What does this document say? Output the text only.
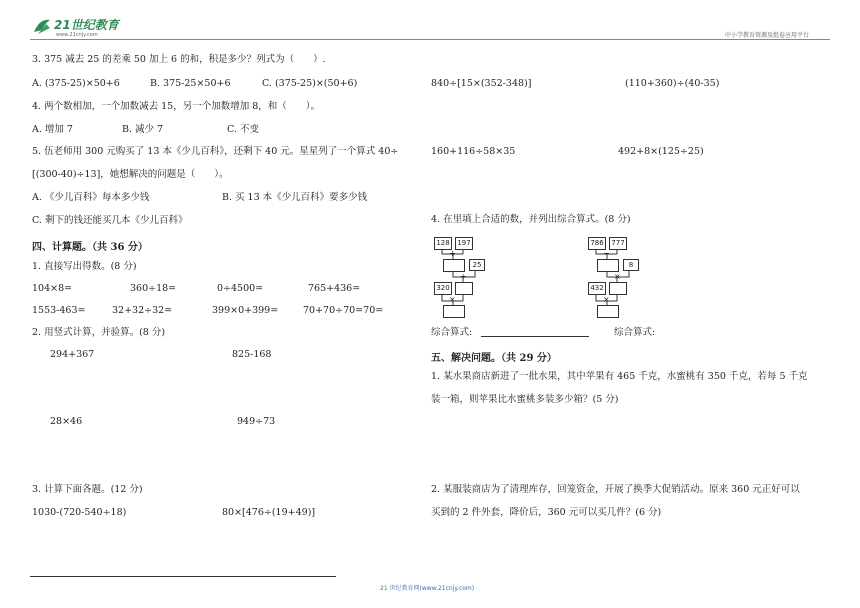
21世纪教育
www.21cnjy.com	中小学教育资源及组卷应用平台
3. 375 减去 25 的差乘 50 加上 6 的和，积是多少？列式为（　　）.
A. (375-25)×50+6	B. 375-25×50+6	C. (375-25)×(50+6)
4. 两个数相加，一个加数减去 15，另一个加数增加 8，和（　　）。
A. 增加 7	B. 减少 7	C. 不变
5. 伍老师用 300 元购买了 13 本《少儿百科》，还剩下 40 元。星星列了一个算式 40÷
[(300-40)÷13]，她想解决的问题是（　　）。
A. 《少儿百科》每本多少钱	B. 买 13 本《少儿百科》要多少钱
C. 剩下的钱还能买几本《少儿百科》
四、计算题。（共 36 分）
1. 直接写出得数。(8 分)
104×8=	360÷18=	0÷4500=	765+436=
1553-463=	32+32÷32=	399×0+399=	70+70÷70=70=
2. 用竖式计算，并验算。(8 分)
294+367	825-168
28×46	949÷73
3. 计算下面各题。(12 分)
1030-(720-540÷18)	80×[476÷(19+49)]
840÷[15×(352-348)]	(110+360)÷(40-35)
160+116÷58×35	492+8×(125÷25)
4. 在里填上合适的数，并列出综合算式。(8 分)
128	197
+
25
÷
320
×
786	777
−
8
×
432
×
综合算式:	综合算式:
五、解决问题。（共 29 分）
1. 某水果商店新进了一批水果，其中苹果有 465 千克，水蜜桃有 350 千克，若每 5 千克
装一箱，则苹果比水蜜桃多装多少箱？(5 分)
2. 某服装商店为了清理库存，回笼资金，开展了换季大促销活动。原来 360 元正好可以
买到的 2 件外套，降价后，360 元可以买几件？(6 分)
21 世纪教育网(www.21cnjy.com)
